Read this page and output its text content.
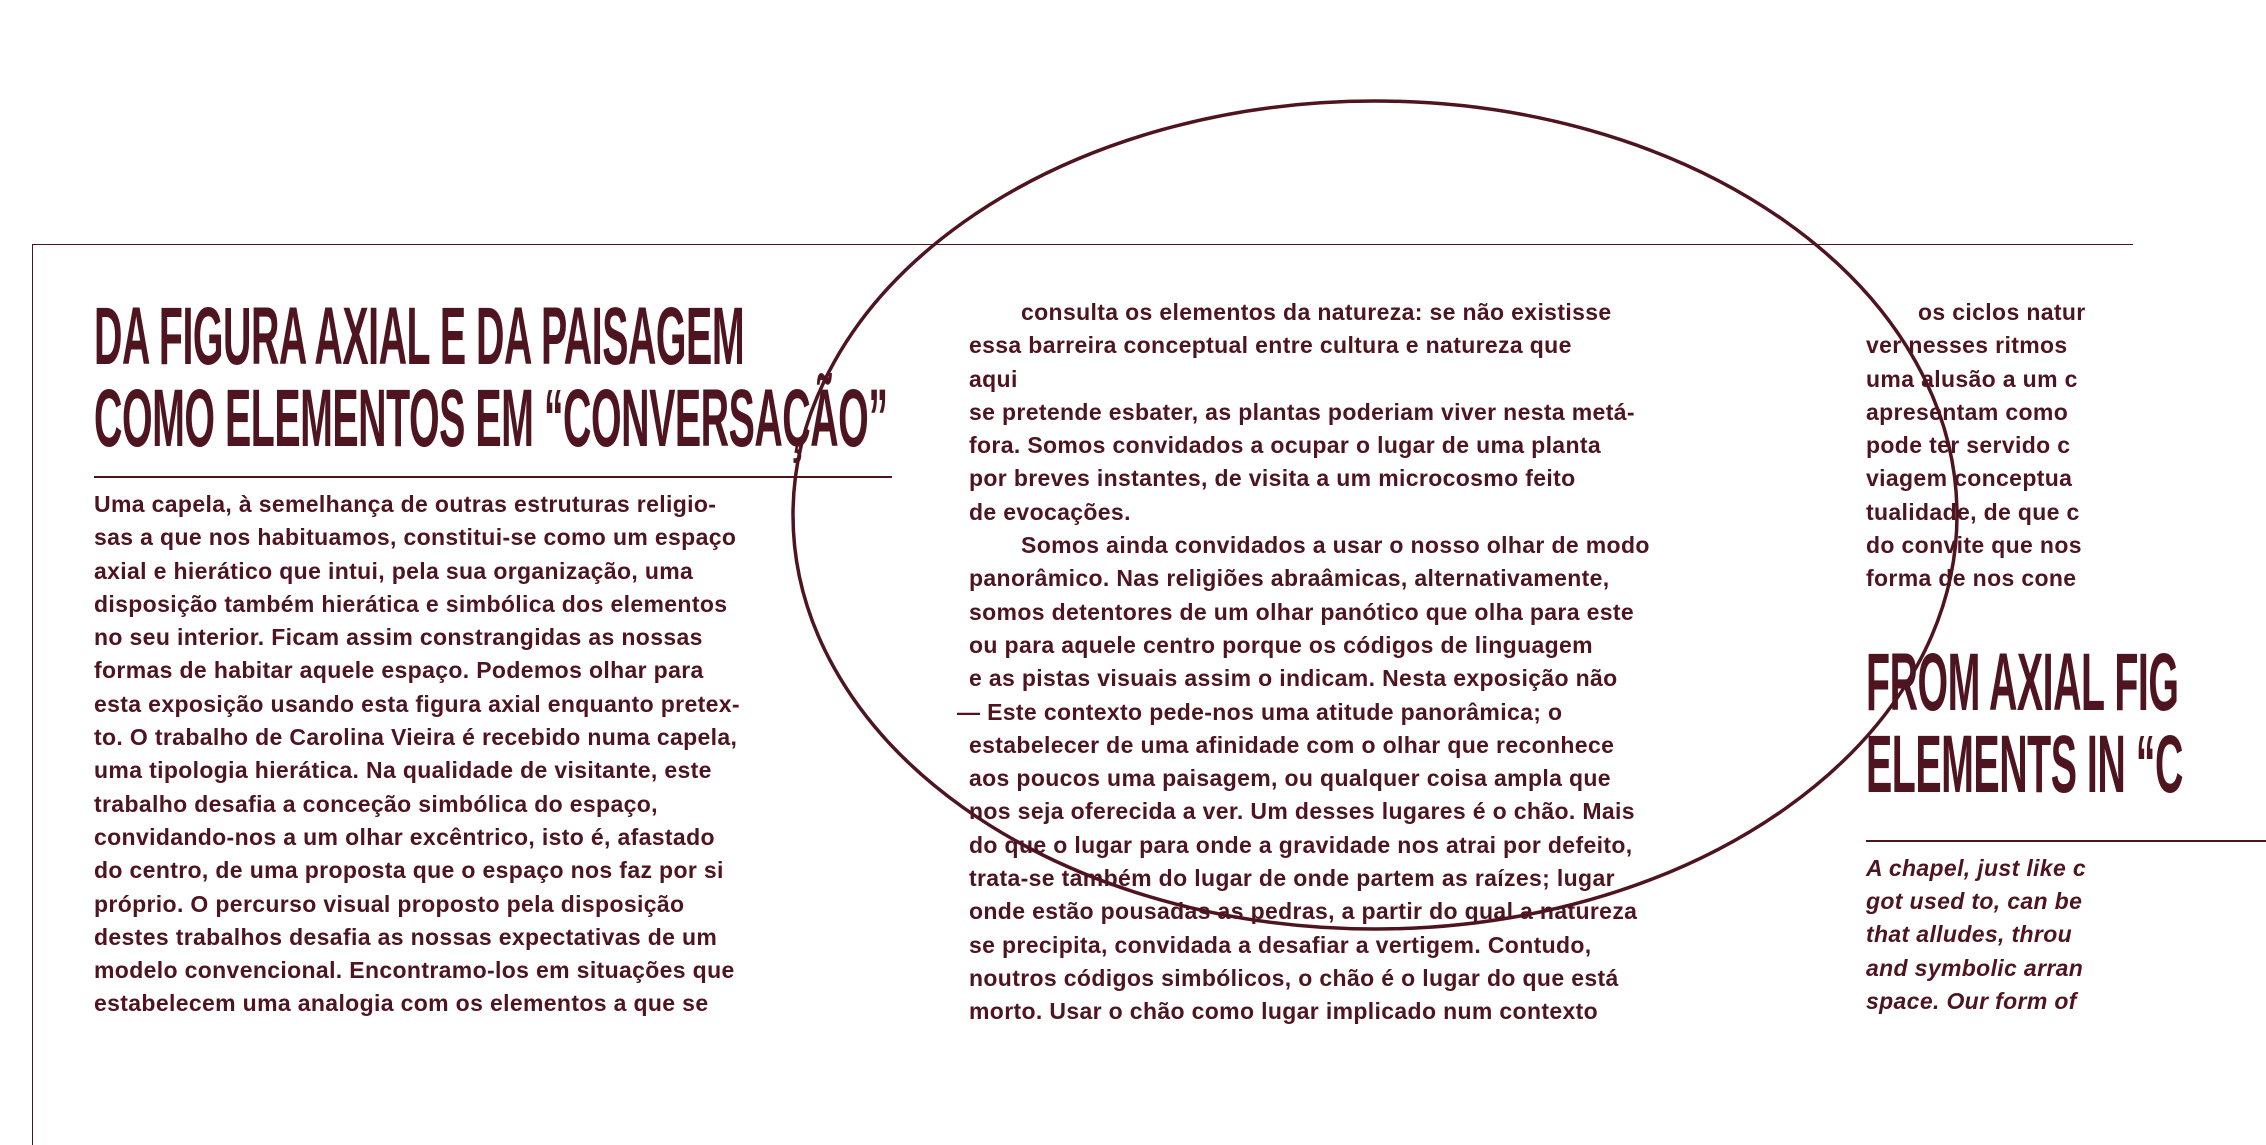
DA FIGURA AXIAL E DA PAISAGEM
COMO ELEMENTOS EM “CONVERSAÇÃO”
Uma capela, à semelhança de outras estruturas religio-
sas a que nos habituamos, constitui-se como um espaço
axial e hierático que intui, pela sua organização, uma
disposição também hierática e simbólica dos elementos
no seu interior. Ficam assim constrangidas as nossas
formas de habitar aquele espaço. Podemos olhar para
esta exposição usando esta figura axial enquanto pretex-
to. O trabalho de Carolina Vieira é recebido numa capela,
uma tipologia hierática. Na qualidade de visitante, este
trabalho desafia a conceção simbólica do espaço,
convidando-nos a um olhar excêntrico, isto é, afastado
do centro, de uma proposta que o espaço nos faz por si
próprio. O percurso visual proposto pela disposição
destes trabalhos desafia as nossas expectativas de um
modelo convencional. Encontramo-los em situações que
estabelecem uma analogia com os elementos a que se
consulta os elementos da natureza: se não existisse
essa barreira conceptual entre cultura e natureza que
aqui
se pretende esbater, as plantas poderiam viver nesta metá-
fora. Somos convidados a ocupar o lugar de uma planta
por breves instantes, de visita a um microcosmo feito
de evocações.
Somos ainda convidados a usar o nosso olhar de modo
panorâmico. Nas religiões abraâmicas, alternativamente,
somos detentores de um olhar panótico que olha para este
ou para aquele centro porque os códigos de linguagem
e as pistas visuais assim o indicam. Nesta exposição não
— Este contexto pede-nos uma atitude panorâmica; o
estabelecer de uma afinidade com o olhar que reconhece
aos poucos uma paisagem, ou qualquer coisa ampla que
nos seja oferecida a ver. Um desses lugares é o chão. Mais
do que o lugar para onde a gravidade nos atrai por defeito,
trata-se também do lugar de onde partem as raízes; lugar
onde estão pousadas as pedras, a partir do qual a natureza
se precipita, convidada a desafiar a vertigem. Contudo,
noutros códigos simbólicos, o chão é o lugar do que está
morto. Usar o chão como lugar implicado num contexto
os ciclos natur
ver nesses ritmos
uma alusão a um c
apresentam como
pode ter servido c
viagem conceptua
tualidade, de que c
do convite que nos
forma de nos cone
FROM AXIAL FIG
ELEMENTS IN “C
A chapel, just like c
got used to, can be
that alludes, throu
and symbolic arran
space. Our form of
